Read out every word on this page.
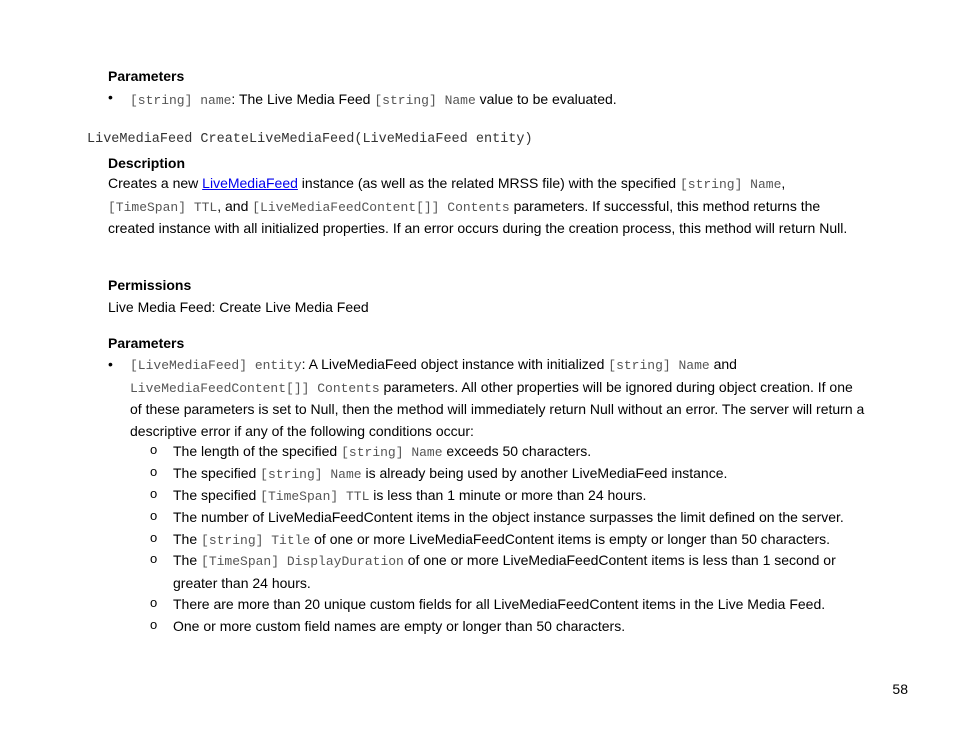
Parameters
• [string] name: The Live Media Feed [string] Name value to be evaluated.
LiveMediaFeed CreateLiveMediaFeed(LiveMediaFeed entity)
Description
Creates a new LiveMediaFeed instance (as well as the related MRSS file) with the specified [string] Name,
[TimeSpan] TTL, and [LiveMediaFeedContent[]] Contents parameters. If successful, this method returns the created instance with all initialized properties. If an error occurs during the creation process, this method will return Null.
Permissions
Live Media Feed: Create Live Media Feed
Parameters
• [LiveMediaFeed] entity: A LiveMediaFeed object instance with initialized [string] Name and
LiveMediaFeedContent[]] Contents parameters. All other properties will be ignored during object creation. If one of these parameters is set to Null, then the method will immediately return Null without an error. The server will return a descriptive error if any of the following conditions occur:
o The length of the specified [string] Name exceeds 50 characters.
o The specified [string] Name is already being used by another LiveMediaFeed instance.
o The specified [TimeSpan] TTL is less than 1 minute or more than 24 hours.
o The number of LiveMediaFeedContent items in the object instance surpasses the limit defined on the server.
o The [string] Title of one or more LiveMediaFeedContent items is empty or longer than 50 characters.
o The [TimeSpan] DisplayDuration of one or more LiveMediaFeedContent items is less than 1 second or greater than 24 hours.
o There are more than 20 unique custom fields for all LiveMediaFeedContent items in the Live Media Feed.
o One or more custom field names are empty or longer than 50 characters.
58
